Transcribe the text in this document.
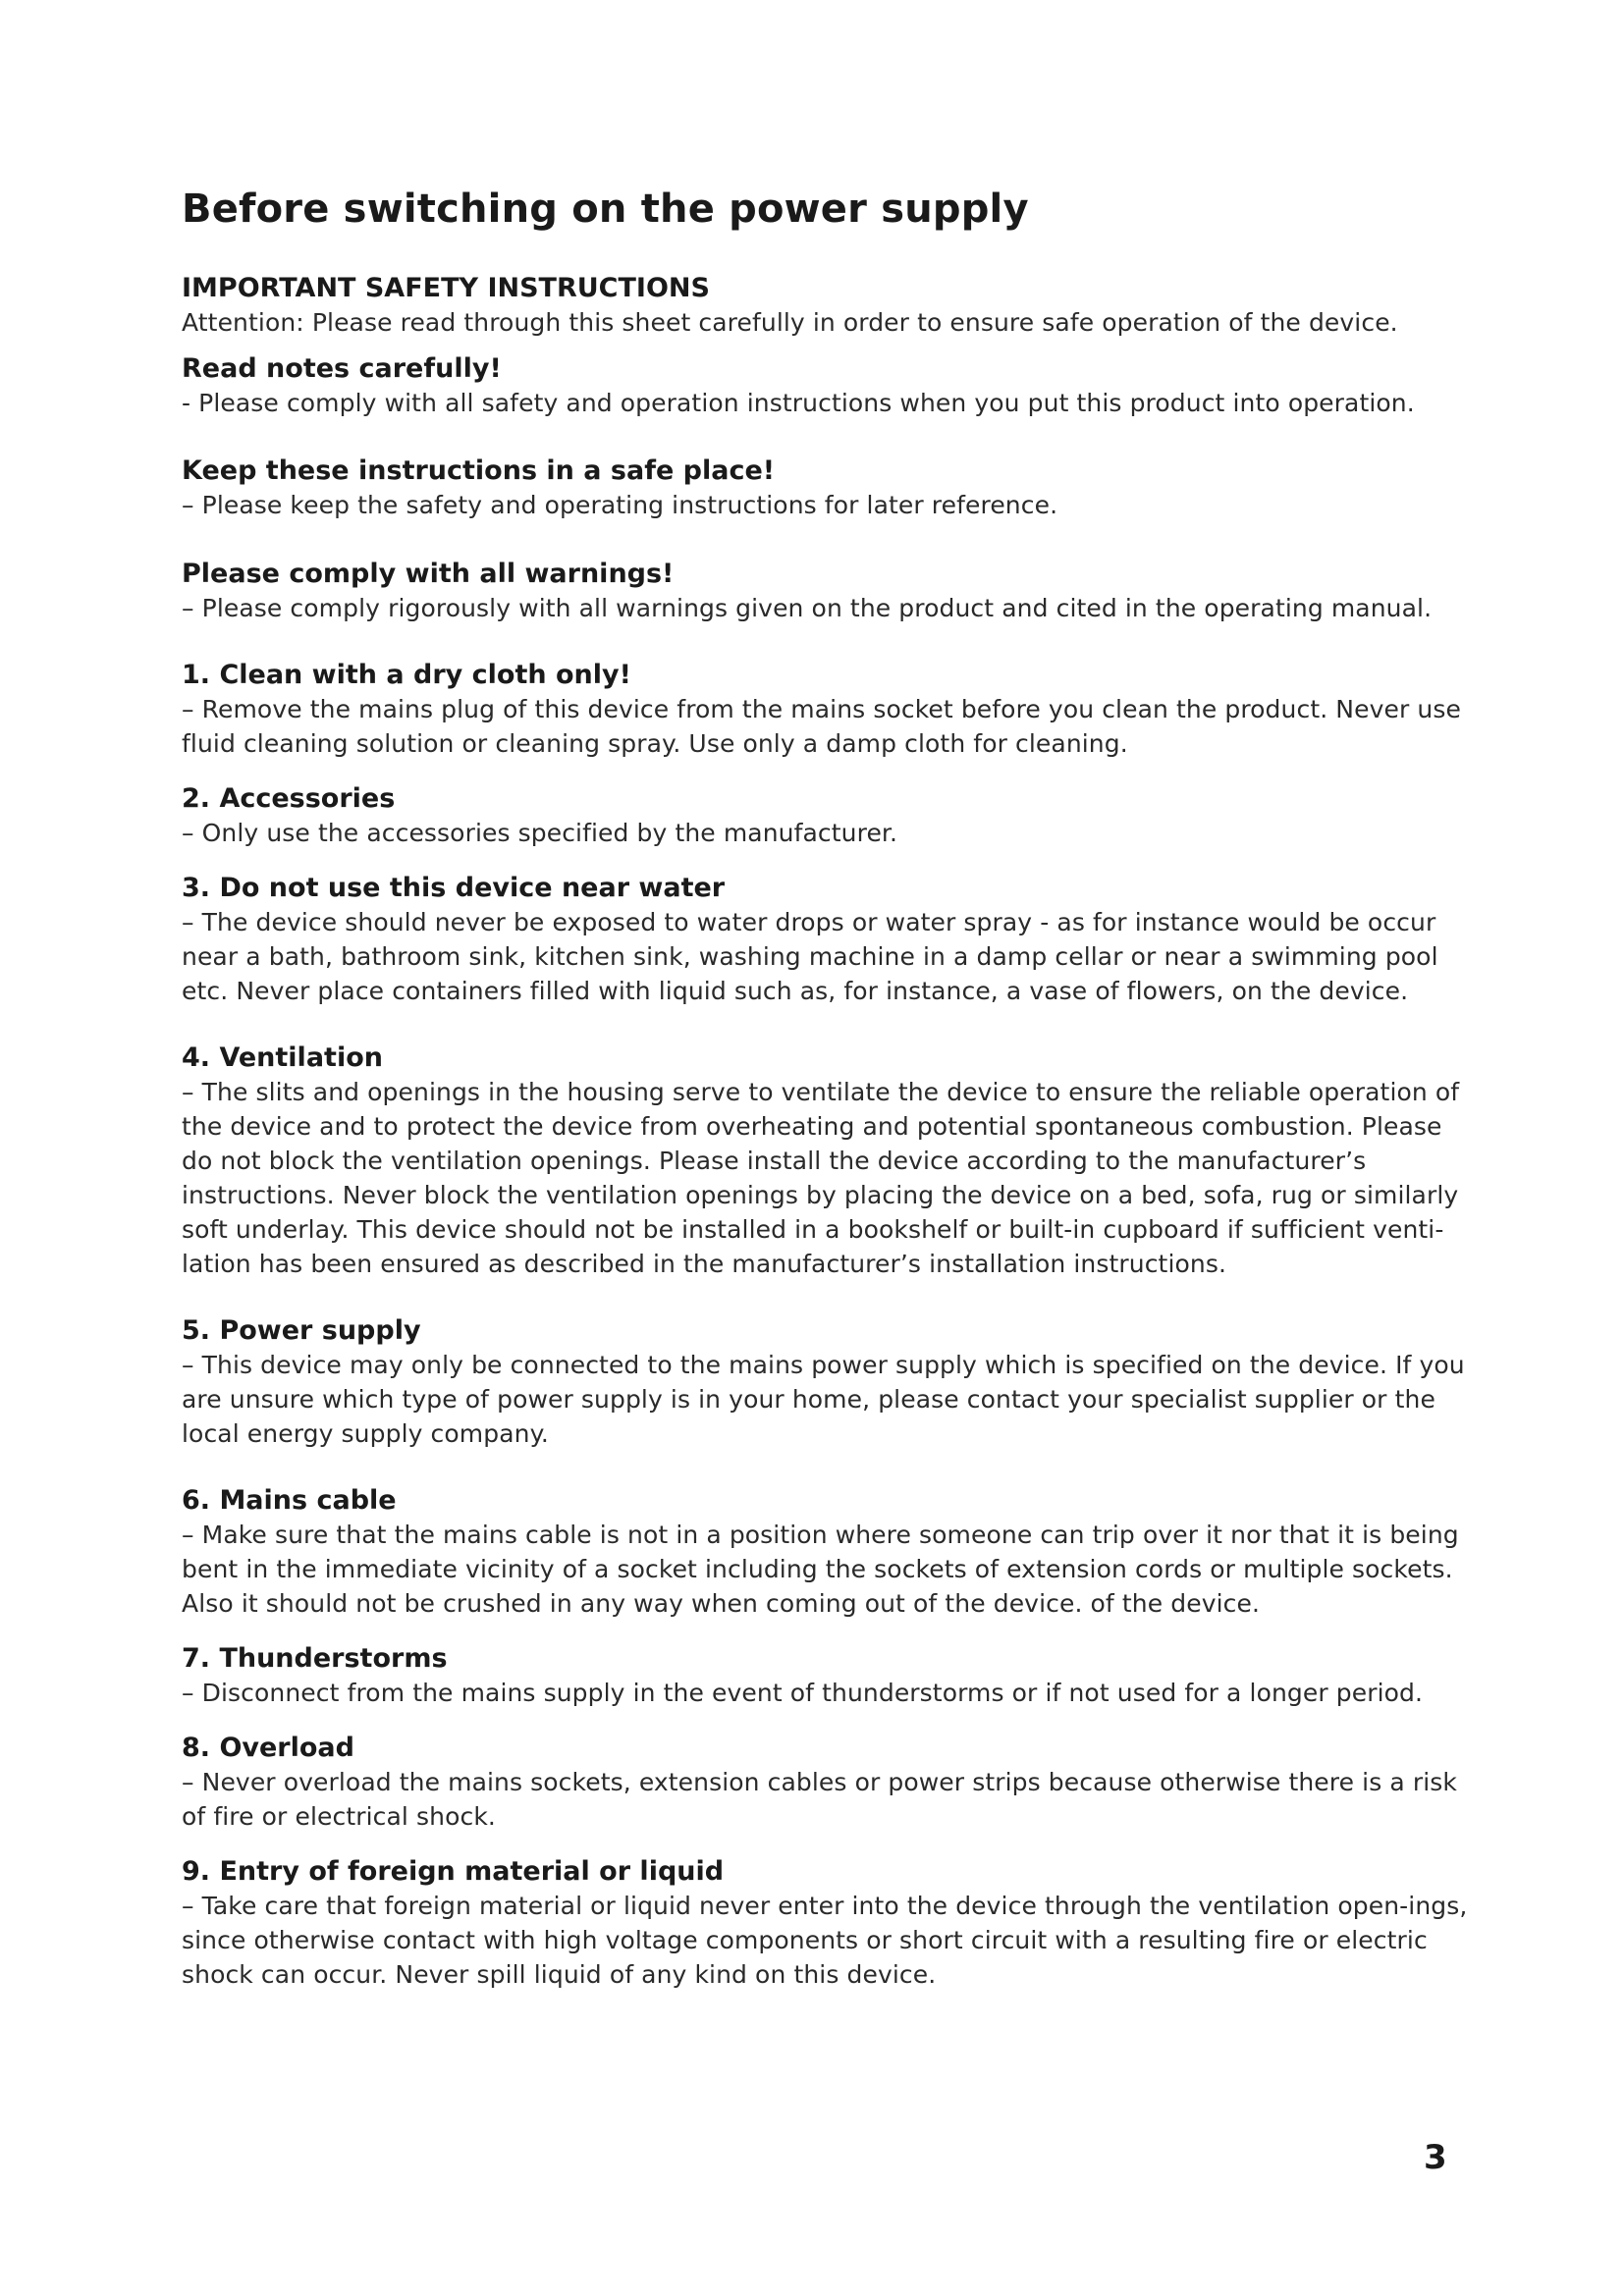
Before switching on the power supply
IMPORTANT SAFETY INSTRUCTIONS
Attention: Please read through this sheet carefully in order to ensure safe operation of the device.
Read notes carefully!
- Please comply with all safety and operation instructions when you put this product into operation.
Keep these instructions in a safe place!
– Please keep the safety and operating instructions for later reference.
Please comply with all warnings!
– Please comply rigorously with all warnings given on the product and cited in the operating manual.
1. Clean with a dry cloth only!
– Remove the mains plug of this device from the mains socket before you clean the product. Never use fluid cleaning solution or cleaning spray. Use only a damp cloth for cleaning.
2. Accessories
– Only use the accessories specified by the manufacturer.
3. Do not use this device near water
– The device should never be exposed to water drops or water spray - as for instance would be occur near a bath, bathroom sink, kitchen sink, washing machine in a damp cellar or near a swimming pool etc. Never place containers filled with liquid such as, for instance, a vase of flowers, on the device.
4. Ventilation
– The slits and openings in the housing serve to ventilate the device to ensure the reliable operation of the device and to protect the device from overheating and potential spontaneous combustion. Please do not block the ventilation openings. Please install the device according to the manufacturer’s instructions. Never block the ventilation openings by placing the device on a bed, sofa, rug or similarly soft underlay. This device should not be installed in a bookshelf or built-in cupboard if sufficient venti-lation has been ensured as described in the manufacturer’s installation instructions.
5. Power supply
– This device may only be connected to the mains power supply which is specified on the device. If you are unsure which type of power supply is in your home, please contact your specialist supplier or the local energy supply company.
6. Mains cable
– Make sure that the mains cable is not in a position where someone can trip over it nor that it is being bent in the immediate vicinity of a socket including the sockets of extension cords or multiple sockets. Also it should not be crushed in any way when coming out of the device. of the device.
7. Thunderstorms
– Disconnect from the mains supply in the event of thunderstorms or if not used for a longer period.
8. Overload
– Never overload the mains sockets, extension cables or power strips because otherwise there is a risk of fire or electrical shock.
9. Entry of foreign material or liquid
– Take care that foreign material or liquid never enter into the device through the ventilation open-ings, since otherwise contact with high voltage components or short circuit with a resulting fire or electric shock can occur. Never spill liquid of any kind on this device.
3
